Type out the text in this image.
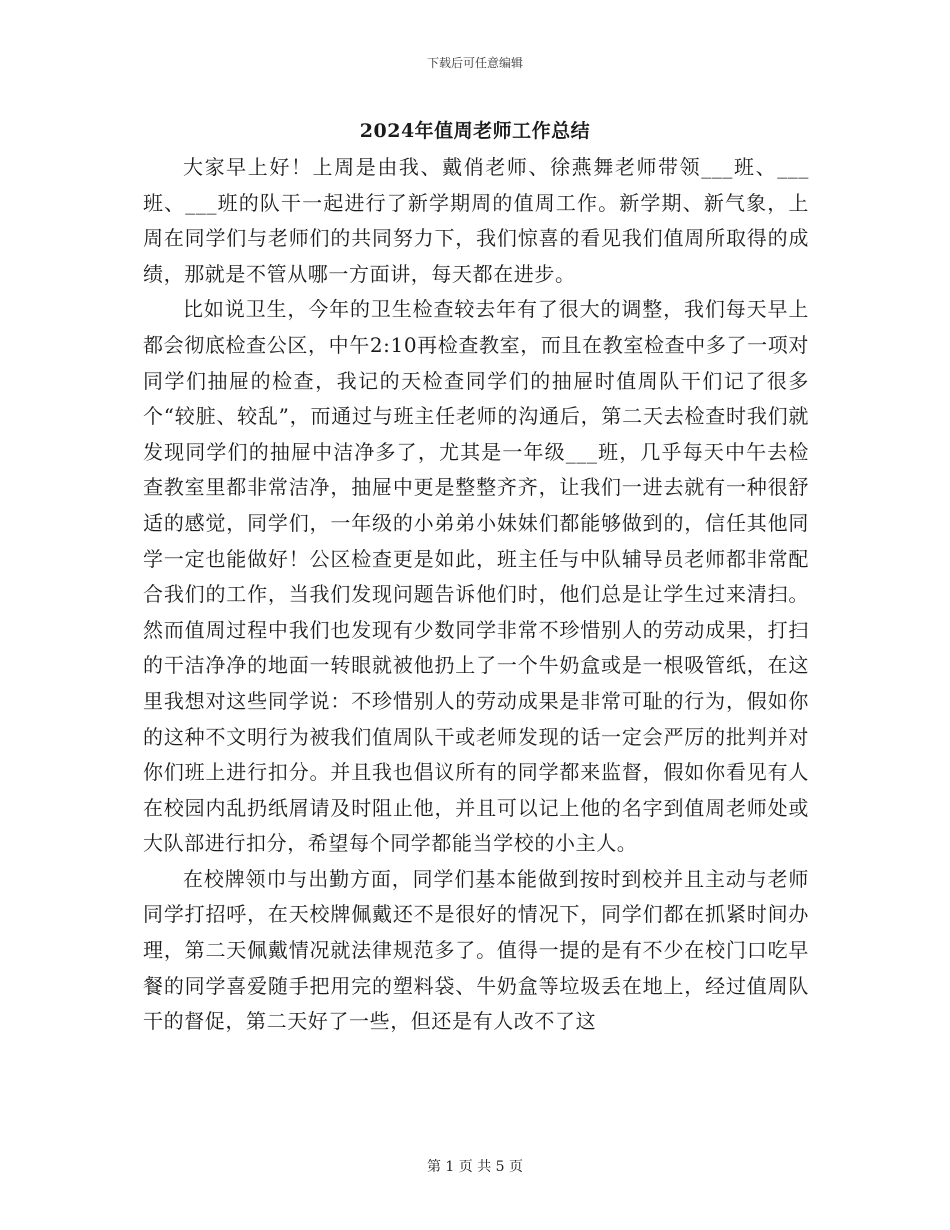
下载后可任意编辑
2024年值周老师工作总结

大家早上好！上周是由我、戴俏老师、徐燕舞老师带领___班、___班、___班的队干一起进行了新学期周的值周工作。新学期、新气象，上周在同学们与老师们的共同努力下，我们惊喜的看见我们值周所取得的成绩，那就是不管从哪一方面讲，每天都在进步。

比如说卫生，今年的卫生检查较去年有了很大的调整，我们每天早上都会彻底检查公区，中午2:10再检查教室，而且在教室检查中多了一项对同学们抽屉的检查，我记的天检查同学们的抽屉时值周队干们记了很多个“较脏、较乱”，而通过与班主任老师的沟通后，第二天去检查时我们就发现同学们的抽屉中洁净多了，尤其是一年级___班，几乎每天中午去检查教室里都非常洁净，抽屉中更是整整齐齐，让我们一进去就有一种很舒适的感觉，同学们，一年级的小弟弟小妹妹们都能够做到的，信任其他同学一定也能做好！公区检查更是如此，班主任与中队辅导员老师都非常配合我们的工作，当我们发现问题告诉他们时，他们总是让学生过来清扫。然而值周过程中我们也发现有少数同学非常不珍惜别人的劳动成果，打扫的干洁净净的地面一转眼就被他扔上了一个牛奶盒或是一根吸管纸，在这里我想对这些同学说：不珍惜别人的劳动成果是非常可耻的行为，假如你的这种不文明行为被我们值周队干或老师发现的话一定会严厉的批判并对你们班上进行扣分。并且我也倡议所有的同学都来监督，假如你看见有人在校园内乱扔纸屑请及时阻止他，并且可以记上他的名字到值周老师处或大队部进行扣分，希望每个同学都能当学校的小主人。

在校牌领巾与出勤方面，同学们基本能做到按时到校并且主动与老师同学打招呼，在天校牌佩戴还不是很好的情况下，同学们都在抓紧时间办理，第二天佩戴情况就法律规范多了。值得一提的是有不少在校门口吃早餐的同学喜爱随手把用完的塑料袋、牛奶盒等垃圾丢在地上，经过值周队干的督促，第二天好了一些，但还是有人改不了这

第 1 页 共 5 页
